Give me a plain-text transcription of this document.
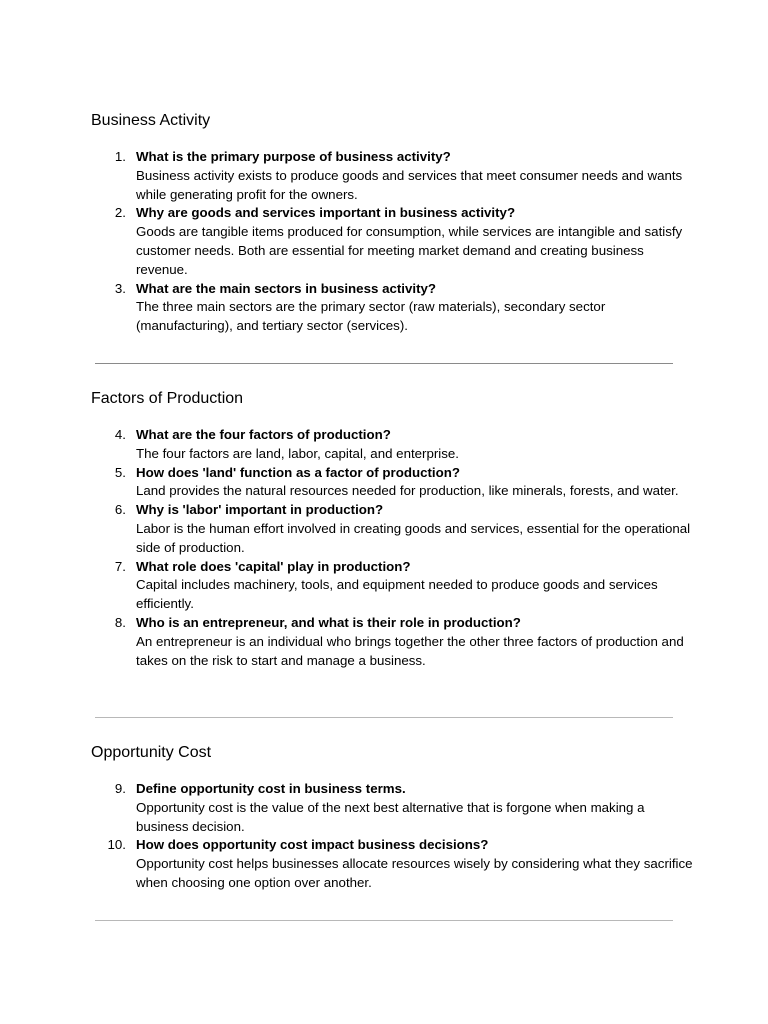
Business Activity
1. What is the primary purpose of business activity?
Business activity exists to produce goods and services that meet consumer needs and wants while generating profit for the owners.
2. Why are goods and services important in business activity?
Goods are tangible items produced for consumption, while services are intangible and satisfy customer needs. Both are essential for meeting market demand and creating business revenue.
3. What are the main sectors in business activity?
The three main sectors are the primary sector (raw materials), secondary sector (manufacturing), and tertiary sector (services).
Factors of Production
4. What are the four factors of production?
The four factors are land, labor, capital, and enterprise.
5. How does 'land' function as a factor of production?
Land provides the natural resources needed for production, like minerals, forests, and water.
6. Why is 'labor' important in production?
Labor is the human effort involved in creating goods and services, essential for the operational side of production.
7. What role does 'capital' play in production?
Capital includes machinery, tools, and equipment needed to produce goods and services efficiently.
8. Who is an entrepreneur, and what is their role in production?
An entrepreneur is an individual who brings together the other three factors of production and takes on the risk to start and manage a business.
Opportunity Cost
9. Define opportunity cost in business terms.
Opportunity cost is the value of the next best alternative that is forgone when making a business decision.
10. How does opportunity cost impact business decisions?
Opportunity cost helps businesses allocate resources wisely by considering what they sacrifice when choosing one option over another.
